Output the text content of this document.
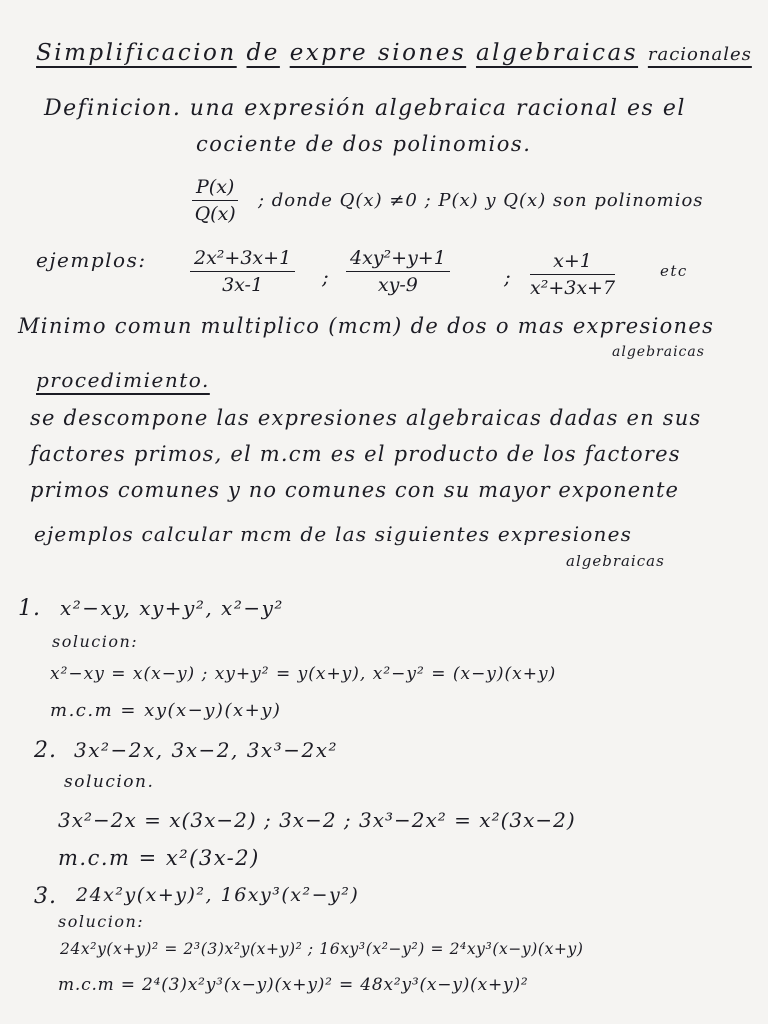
Simplificacion de expre siones algebraicas racionales
Definicion. una expresión algebraica racional es el
cociente de dos polinomios.
$\frac{P(x)}{Q(x)}$ ; donde Q(x) ≠0 ; P(x) y Q(x) son polinomios
ejemplos: $\frac{\text{2x²+3x+1}}{3x-1}$ ; $\frac{\text{4xy²+y+1}}{xy-9}$	; $\frac{x+1}{\text{x²+3x+7}}$	etc
Minimo comun multiplico (mcm) de dos o mas expresiones
algebraicas
procedimiento.
se descompone las expresiones algebraicas dadas en sus
factores primos, el m.cm es el producto de los factores
primos comunes y no comunes con su mayor exponente
ejemplos calcular mcm de las siguientes expresiones
algebraicas
1. x²−xy, xy+y², x²−y²
solucion:
x²−xy = x(x−y) ; xy+y² = y(x+y), x²−y² = (x−y)(x+y)
m.c.m = xy(x−y)(x+y)
2. 3x²−2x, 3x−2, 3x³−2x²
solucion.
3x²−2x = x(3x−2) ; 3x−2 ; 3x³−2x² = x²(3x−2)
m.c.m = x²(3x-2)
3. 24x²y(x+y)², 16xy³(x²−y²)
solucion:
24x²y(x+y)² = 2³(3)x²y(x+y)² ; 16xy³(x²−y²) = 2⁴xy³(x−y)(x+y)
m.c.m = 2⁴(3)x²y³(x−y)(x+y)² = 48x²y³(x−y)(x+y)²
